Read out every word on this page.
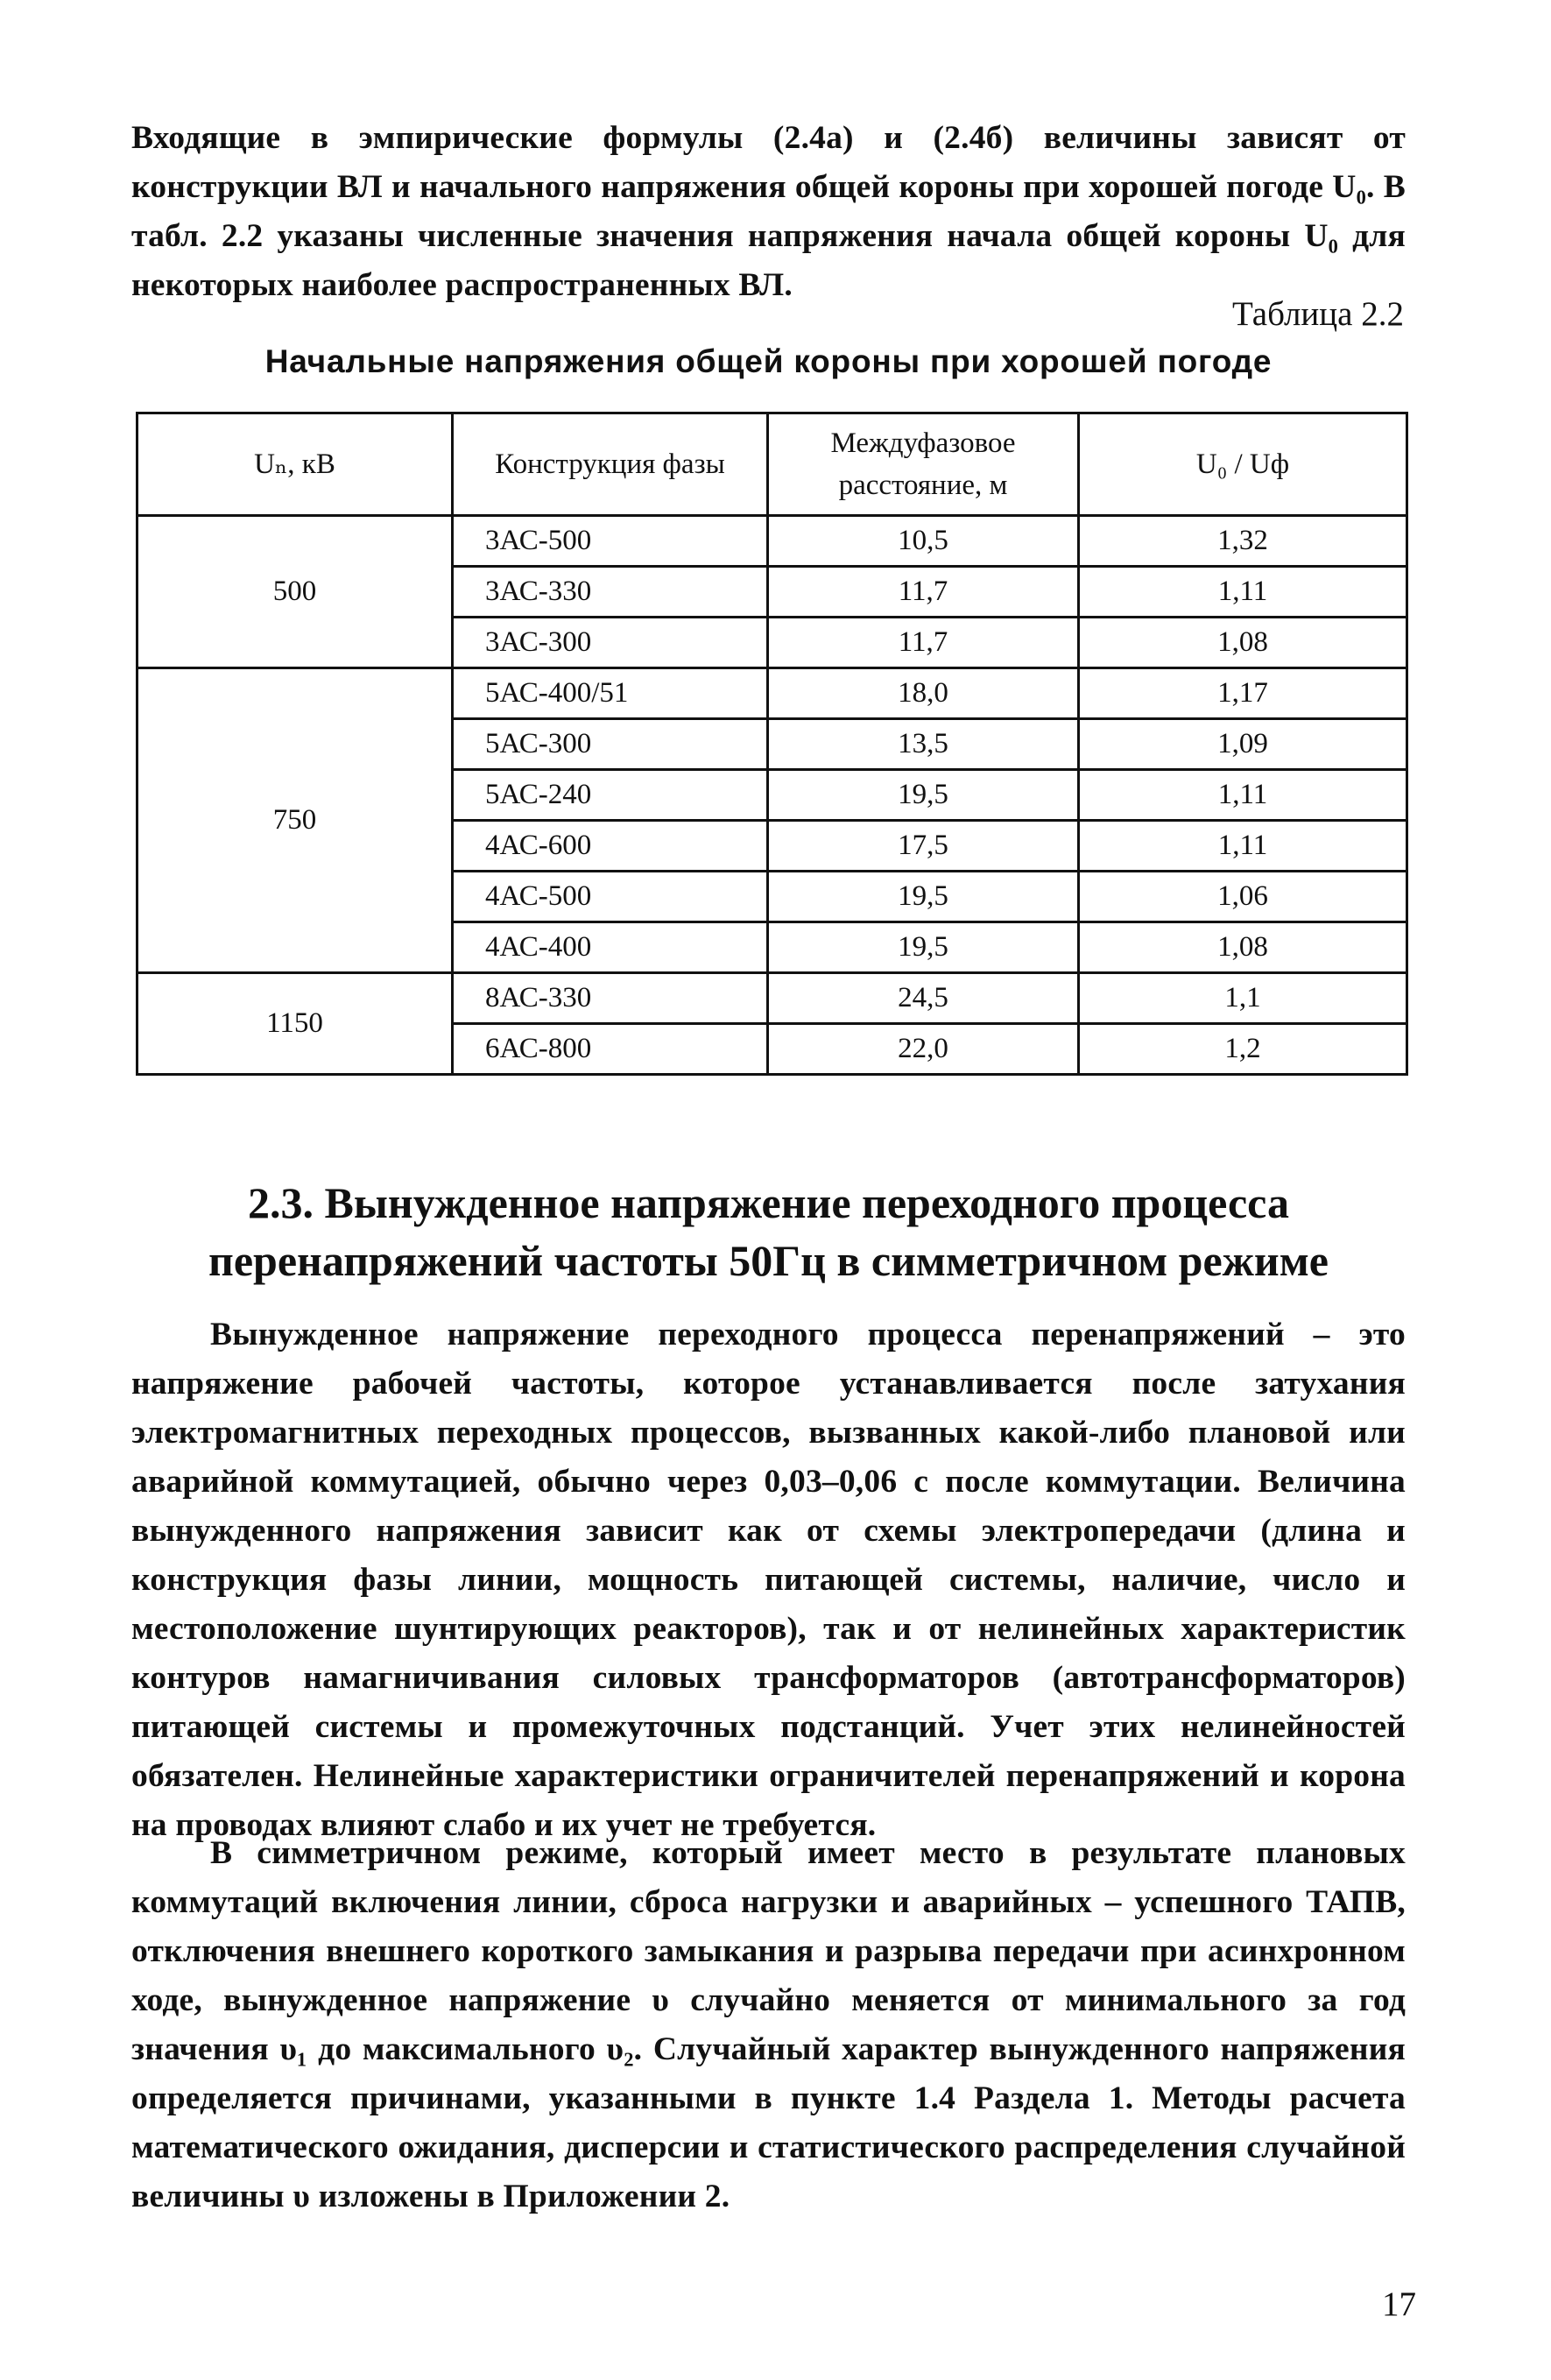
Входящие в эмпирические формулы (2.4а) и (2.4б) величины зависят от конструкции ВЛ и начального напряжения общей короны при хорошей погоде U₀. В табл. 2.2 указаны численные значения напряжения начала общей короны U₀ для некоторых наиболее распространенных ВЛ.

Таблица 2.2
Начальные напряжения общей короны при хорошей погоде
Uₙ, кВ	Конструкция фазы	Междуфазовое расстояние, м	U₀ / Uф
500	3АС-500	10,5	1,32
	3АС-330	11,7	1,11
	3АС-300	11,7	1,08
750	5АС-400/51	18,0	1,17
	5АС-300	13,5	1,09
	5АС-240	19,5	1,11
	4АС-600	17,5	1,11
	4АС-500	19,5	1,06
	4АС-400	19,5	1,08
1150	8АС-330	24,5	1,1
	6АС-800	22,0	1,2
2.3. Вынужденное напряжение переходного процесса перенапряжений частоты 50Гц в симметричном режиме

Вынужденное напряжение переходного процесса перенапряжений – это напряжение рабочей частоты, которое устанавливается после затухания электромагнитных переходных процессов, вызванных какой-либо плановой или аварийной коммутацией, обычно через 0,03–0,06 с после коммутации. Величина вынужденного напряжения зависит как от схемы электропередачи (длина и конструкция фазы линии, мощность питающей системы, наличие, число и местоположение шунтирующих реакторов), так и от нелинейных характеристик контуров намагничивания силовых трансформаторов (автотрансформаторов) питающей системы и промежуточных подстанций. Учет этих нелинейностей обязателен. Нелинейные характеристики ограничителей перенапряжений и корона на проводах влияют слабо и их учет не требуется.

В симметричном режиме, который имеет место в результате плановых коммутаций включения линии, сброса нагрузки и аварийных – успешного ТАПВ, отключения внешнего короткого замыкания и разрыва передачи при асинхронном ходе, вынужденное напряжение υ случайно меняется от минимального за год значения υ₁ до максимального υ₂. Случайный характер вынужденного напряжения определяется причинами, указанными в пункте 1.4 Раздела 1. Методы расчета математического ожидания, дисперсии и статистического распределения случайной величины υ изложены в Приложении 2.

17
